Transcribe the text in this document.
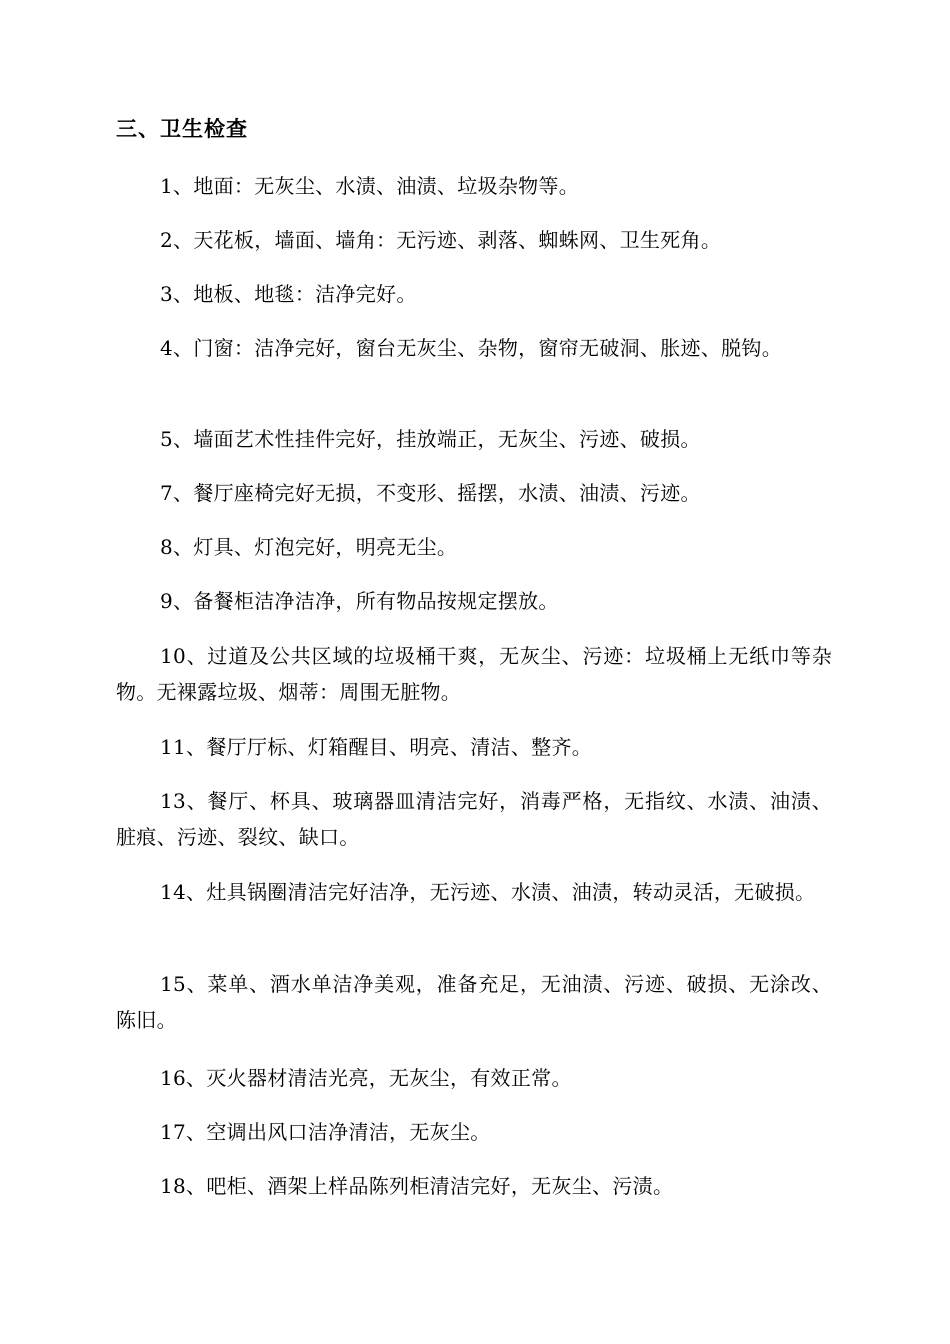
三、卫生检查
1、地面：无灰尘、水渍、油渍、垃圾杂物等。
2、天花板，墙面、墙角：无污迹、剥落、蜘蛛网、卫生死角。
3、地板、地毯：洁净完好。
4、门窗：洁净完好，窗台无灰尘、杂物，窗帘无破洞、胀迹、脱钩。
5、墙面艺术性挂件完好，挂放端正，无灰尘、污迹、破损。
7、餐厅座椅完好无损，不变形、摇摆，水渍、油渍、污迹。
8、灯具、灯泡完好，明亮无尘。
9、备餐柜洁净洁净，所有物品按规定摆放。
10、过道及公共区域的垃圾桶干爽，无灰尘、污迹：垃圾桶上无纸巾等杂物。无裸露垃圾、烟蒂：周围无脏物。
11、餐厅厅标、灯箱醒目、明亮、清洁、整齐。
13、餐厅、杯具、玻璃器皿清洁完好，消毒严格，无指纹、水渍、油渍、脏痕、污迹、裂纹、缺口。
14、灶具锅圈清洁完好洁净，无污迹、水渍、油渍，转动灵活，无破损。
15、菜单、酒水单洁净美观，准备充足，无油渍、污迹、破损、无涂改、陈旧。
16、灭火器材清洁光亮，无灰尘，有效正常。
17、空调出风口洁净清洁，无灰尘。
18、吧柜、酒架上样品陈列柜清洁完好，无灰尘、污渍。
